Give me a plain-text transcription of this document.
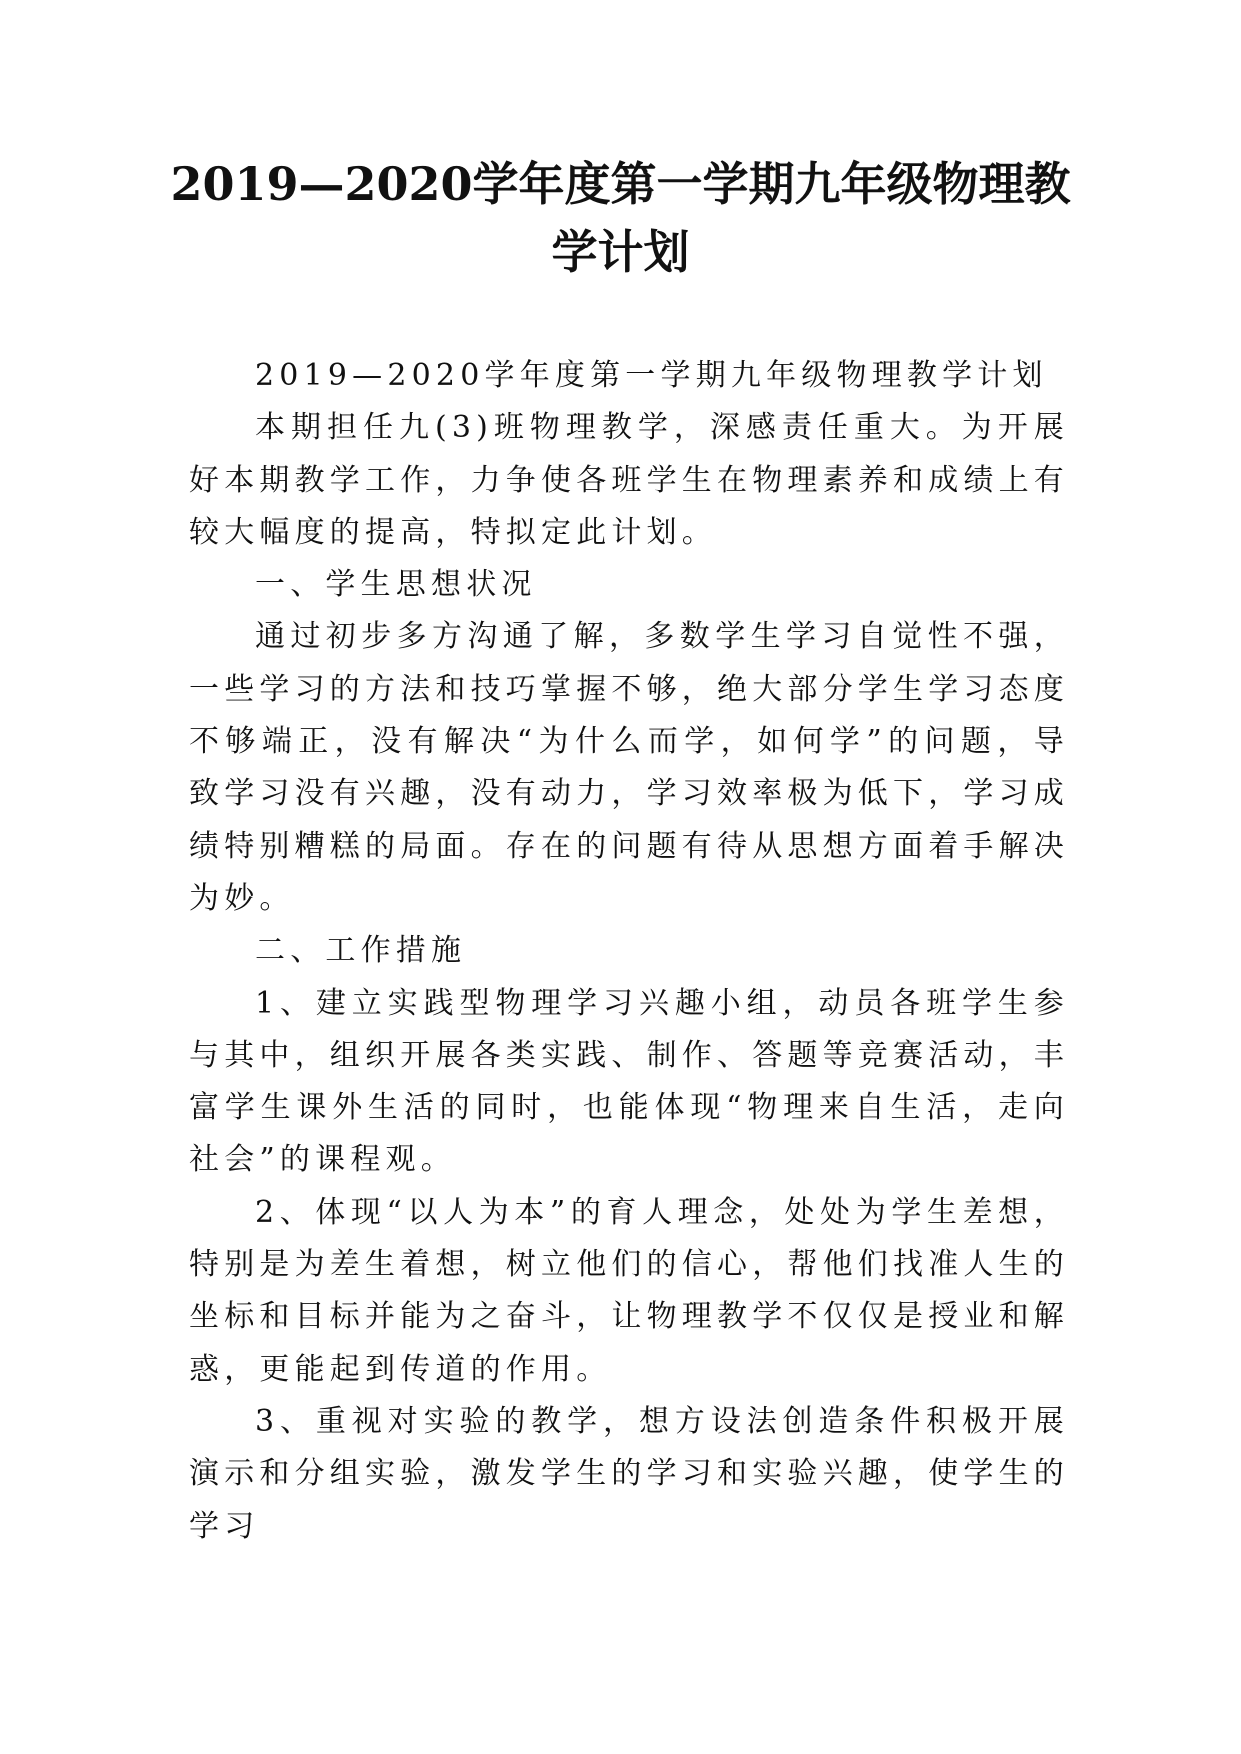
2019—2020学年度第一学期九年级物理教
学计划

2019—2020学年度第一学期九年级物理教学计划

本期担任九(3)班物理教学，深感责任重大。为开展好本期教学工作，力争使各班学生在物理素养和成绩上有较大幅度的提高，特拟定此计划。

一、学生思想状况

通过初步多方沟通了解，多数学生学习自觉性不强，一些学习的方法和技巧掌握不够，绝大部分学生学习态度不够端正，没有解决“为什么而学，如何学”的问题，导致学习没有兴趣，没有动力，学习效率极为低下，学习成绩特别糟糕的局面。存在的问题有待从思想方面着手解决为妙。

二、工作措施

1、建立实践型物理学习兴趣小组，动员各班学生参与其中，组织开展各类实践、制作、答题等竞赛活动，丰富学生课外生活的同时，也能体现“物理来自生活，走向社会”的课程观。

2、体现“以人为本”的育人理念，处处为学生差想，特别是为差生着想，树立他们的信心，帮他们找准人生的坐标和目标并能为之奋斗，让物理教学不仅仅是授业和解惑，更能起到传道的作用。

3、重视对实验的教学，想方设法创造条件积极开展演示和分组实验，激发学生的学习和实验兴趣，使学生的学习
